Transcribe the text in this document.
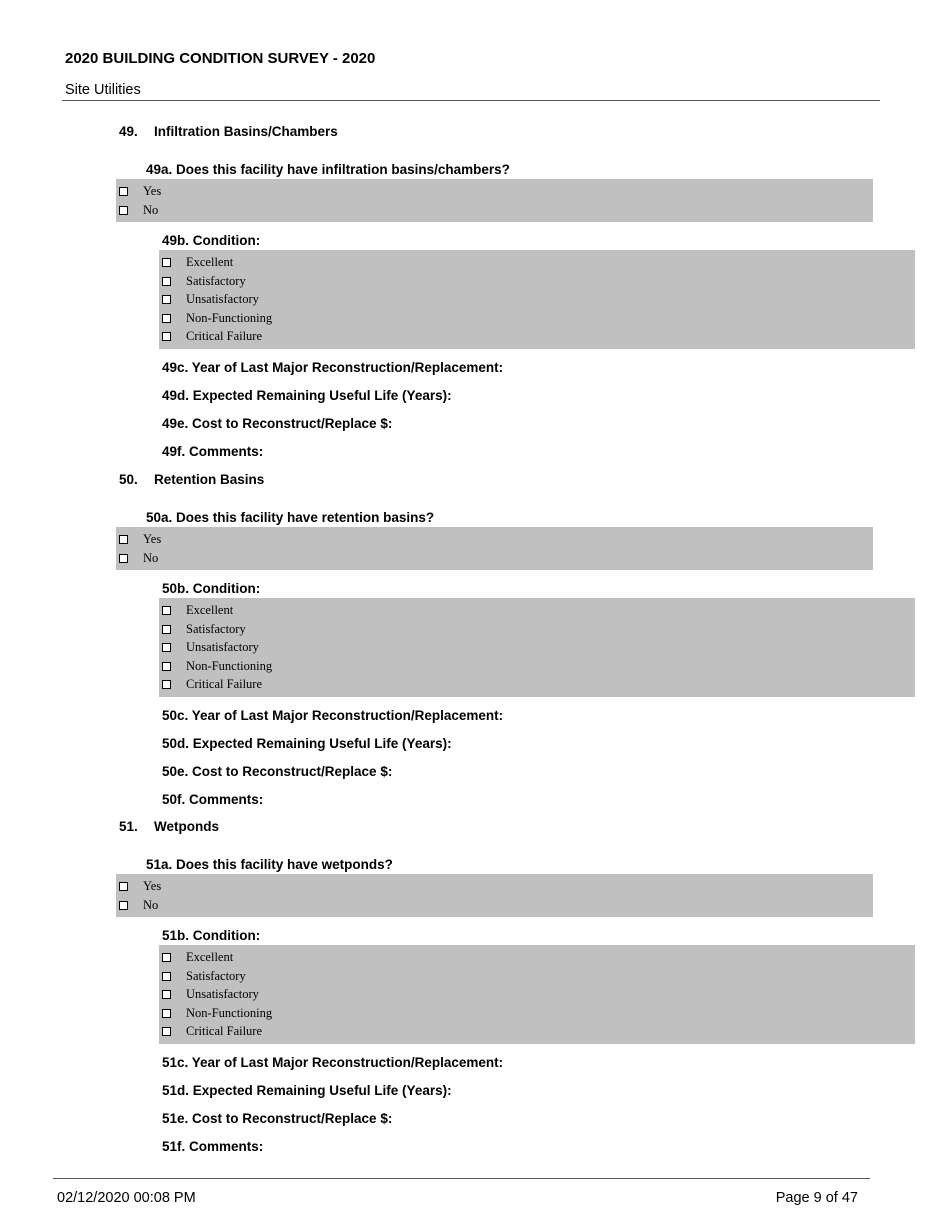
2020 BUILDING CONDITION SURVEY - 2020
Site Utilities
49. Infiltration Basins/Chambers
49a. Does this facility have infiltration basins/chambers?
Yes
No
49b. Condition:
Excellent
Satisfactory
Unsatisfactory
Non-Functioning
Critical Failure
49c. Year of Last Major Reconstruction/Replacement:
49d. Expected Remaining Useful Life (Years):
49e. Cost to Reconstruct/Replace $:
49f. Comments:
50. Retention Basins
50a. Does this facility have retention basins?
Yes
No
50b. Condition:
Excellent
Satisfactory
Unsatisfactory
Non-Functioning
Critical Failure
50c. Year of Last Major Reconstruction/Replacement:
50d. Expected Remaining Useful Life (Years):
50e. Cost to Reconstruct/Replace $:
50f. Comments:
51. Wetponds
51a. Does this facility have wetponds?
Yes
No
51b. Condition:
Excellent
Satisfactory
Unsatisfactory
Non-Functioning
Critical Failure
51c. Year of Last Major Reconstruction/Replacement:
51d. Expected Remaining Useful Life (Years):
51e. Cost to Reconstruct/Replace $:
51f. Comments:
02/12/2020 00:08 PM	Page 9 of 47
